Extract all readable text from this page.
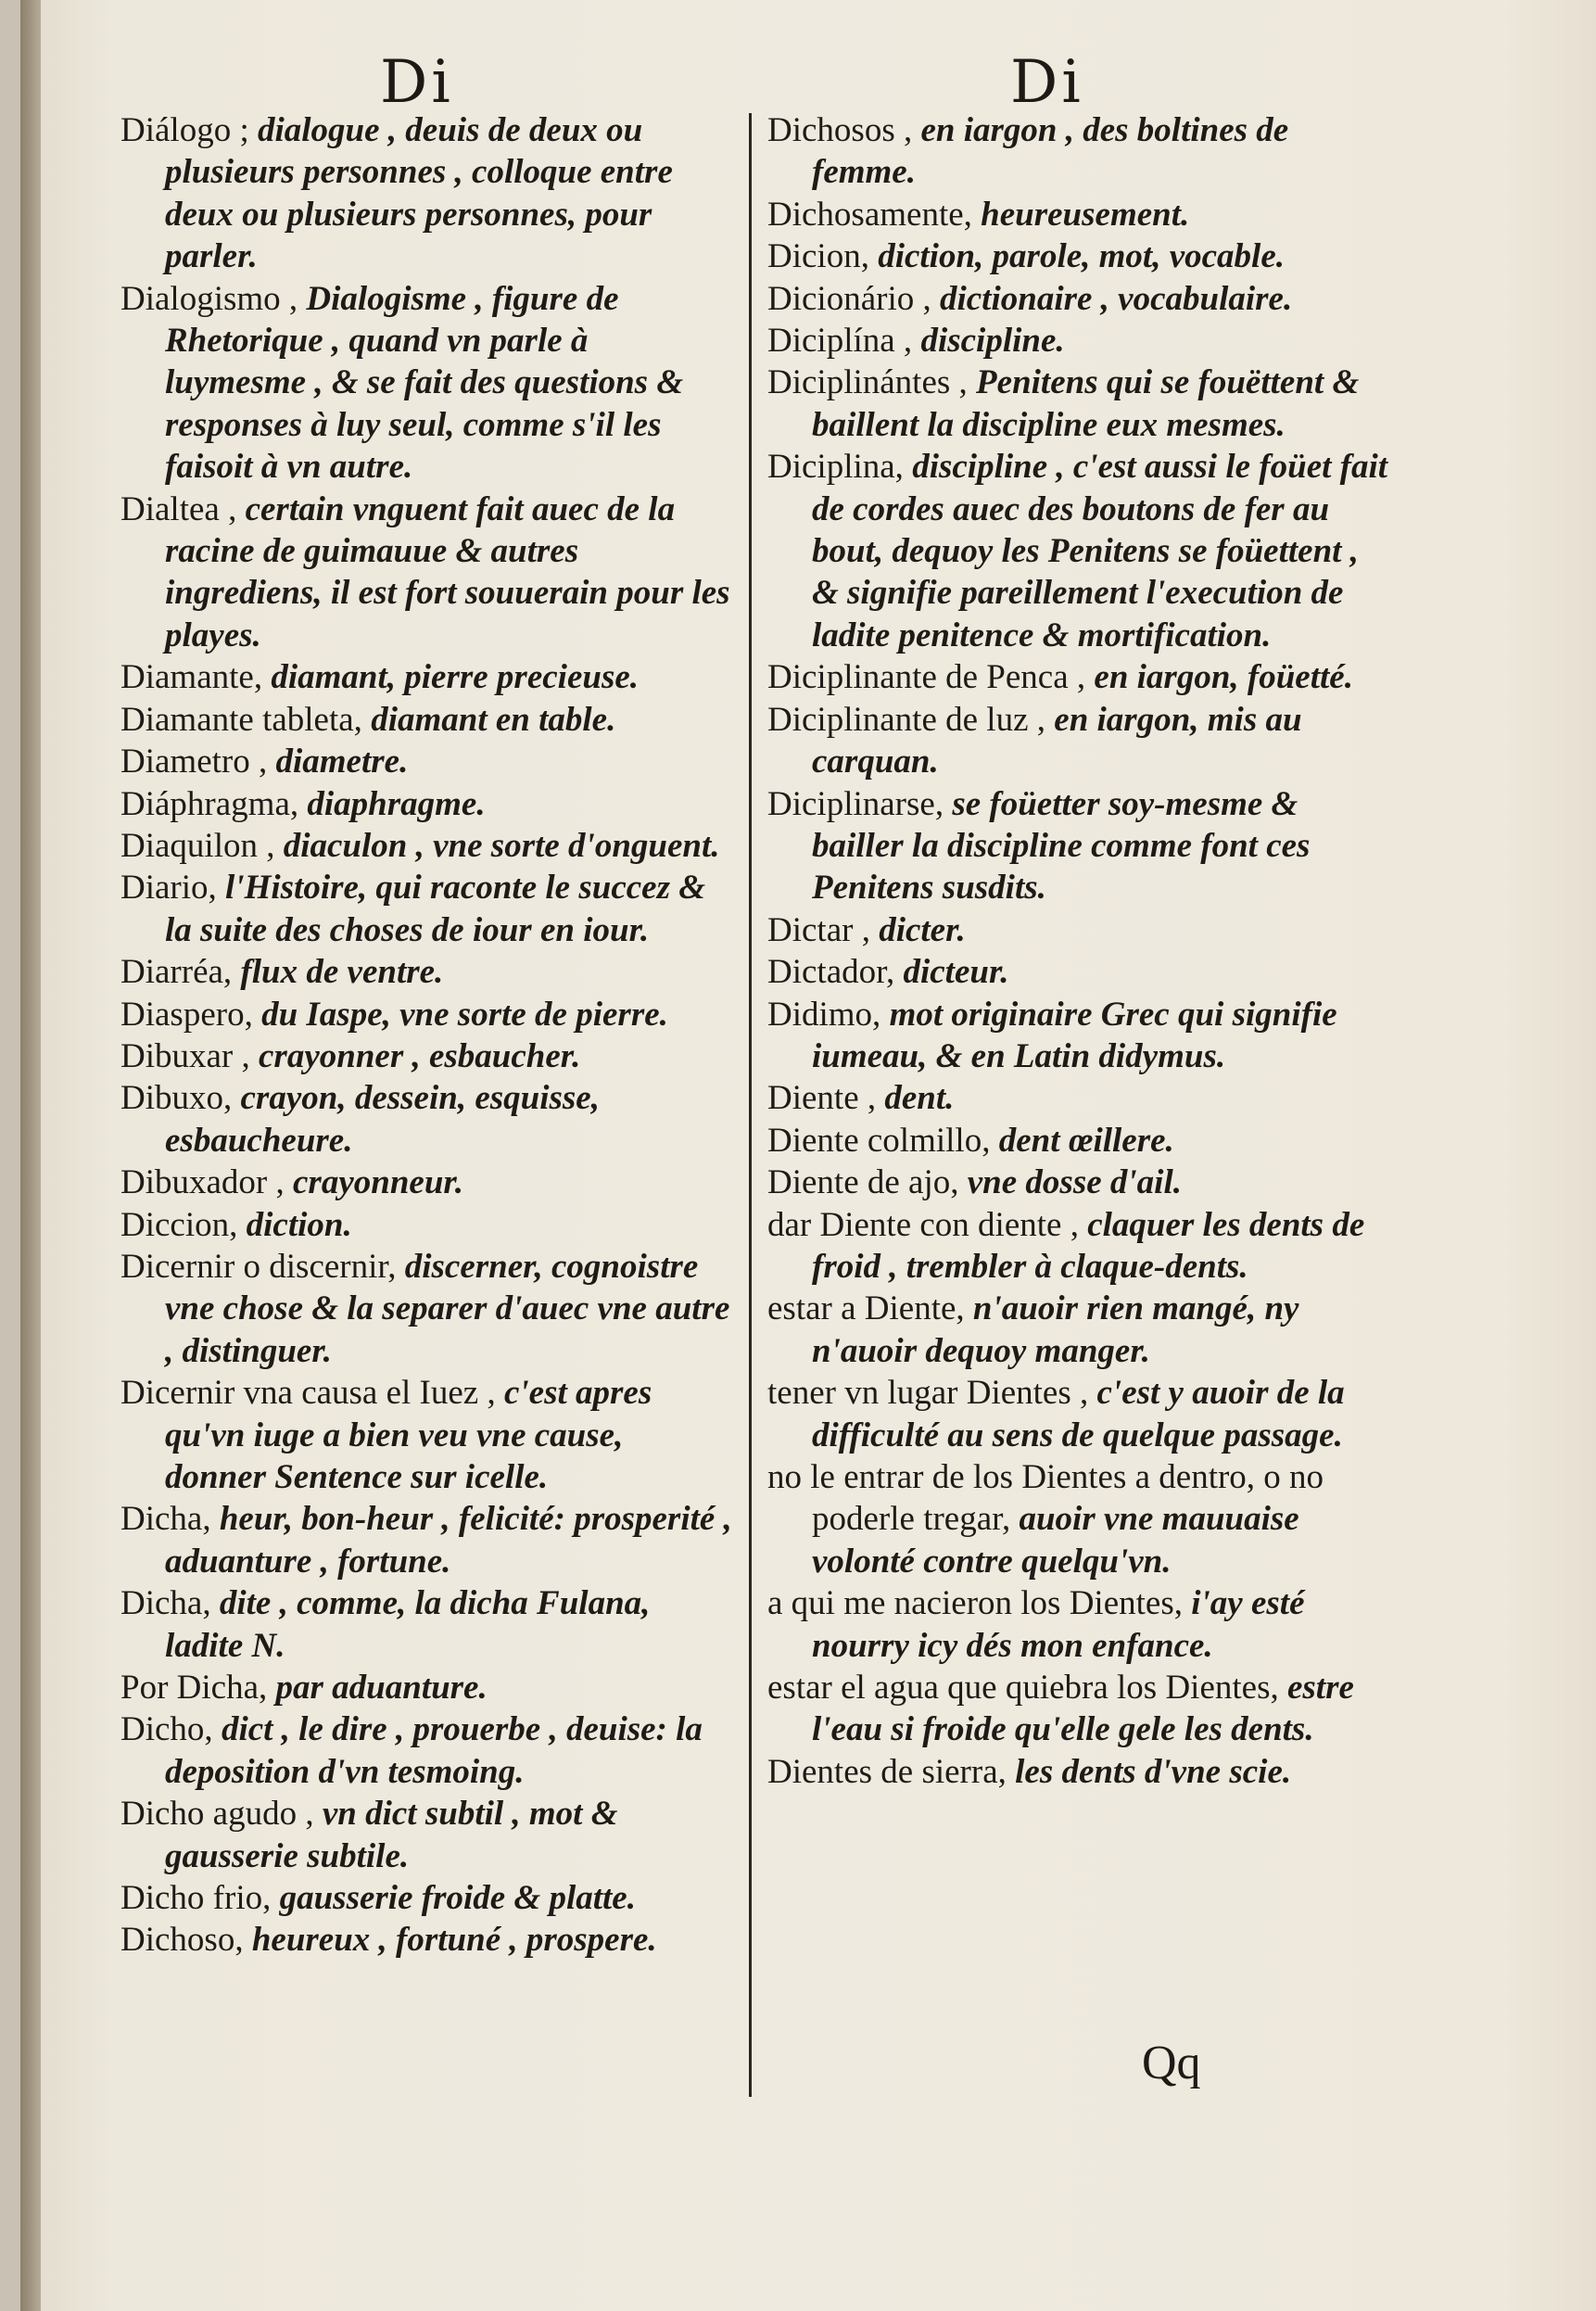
Di	Di
Diálogo ; dialogue , deuis de deux ou plusieurs personnes , colloque entre deux ou plusieurs personnes, pour parler.
Dialogismo , Dialogisme , figure de Rhetorique , quand vn parle à luymesme , & se fait des questions & responses à luy seul, comme s'il les faisoit à vn autre.
Dialtea , certain vnguent fait auec de la racine de guimauue & autres ingrediens, il est fort souuerain pour les playes.
Diamante, diamant, pierre precieuse.
Diamante tableta, diamant en table.
Diametro , diametre.
Diáphragma, diaphragme.
Diaquilon , diaculon , vne sorte d'onguent.
Diario, l'Histoire, qui raconte le succez & la suite des choses de iour en iour.
Diarréa, flux de ventre.
Diaspero, du Iaspe, vne sorte de pierre.
Dibuxar , crayonner , esbaucher.
Dibuxo, crayon, dessein, esquisse, esbaucheure.
Dibuxador , crayonneur.
Diccion, diction.
Dicernir o discernir, discerner, cognoistre vne chose & la separer d'auec vne autre , distinguer.
Dicernir vna causa el Iuez , c'est apres qu'vn iuge a bien veu vne cause, donner Sentence sur icelle.
Dicha, heur, bon-heur , felicité: prosperité , aduanture , fortune.
Dicha, dite , comme, la dicha Fulana, ladite N.
Por Dicha, par aduanture.
Dicho, dict , le dire , prouerbe , deuise: la deposition d'vn tesmoing.
Dicho agudo , vn dict subtil , mot & gausserie subtile.
Dicho frio, gausserie froide & platte.
Dichoso, heureux , fortuné , prospere.
Dichosos , en iargon , des boltines de femme.
Dichosamente, heureusement.
Dicion, diction, parole, mot, vocable.
Dicionário , dictionaire , vocabulaire.
Diciplína , discipline.
Diciplinántes , Penitens qui se fouëttent & baillent la discipline eux mesmes.
Diciplina, discipline , c'est aussi le foüet fait de cordes auec des boutons de fer au bout, dequoy les Penitens se foüettent , & signifie pareillement l'execution de ladite penitence & mortification.
Diciplinante de Penca , en iargon, foüetté.
Diciplinante de luz , en iargon, mis au carquan.
Diciplinarse, se foüetter soy-mesme & bailler la discipline comme font ces Penitens susdits.
Dictar , dicter.
Dictador, dicteur.
Didimo, mot originaire Grec qui signifie iumeau, & en Latin didymus.
Diente , dent.
Diente colmillo, dent œillere.
Diente de ajo, vne dosse d'ail.
dar Diente con diente , claquer les dents de froid , trembler à claque-dents.
estar a Diente, n'auoir rien mangé, ny n'auoir dequoy manger.
tener vn lugar Dientes , c'est y auoir de la difficulté au sens de quelque passage.
no le entrar de los Dientes a dentro, o no poderle tregar, auoir vne mauuaise volonté contre quelqu'vn.
a qui me nacieron los Dientes, i'ay esté nourry icy dés mon enfance.
estar el agua que quiebra los Dientes, estre l'eau si froide qu'elle gele les dents.
Dientes de sierra, les dents d'vne scie.
Qq
